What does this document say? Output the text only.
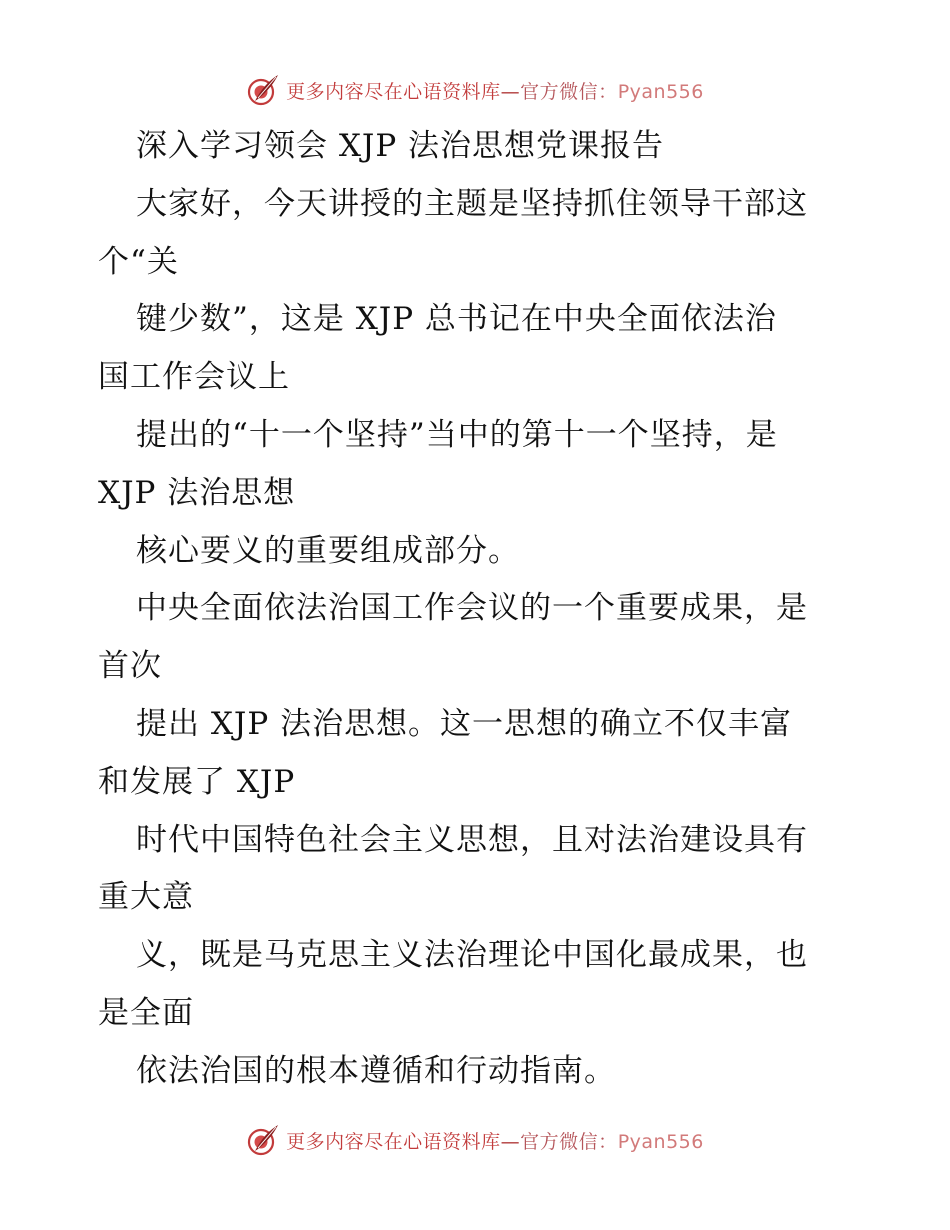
更多内容尽在心语资料库—官方微信：Pyan556
深入学习领会 XJP 法治思想党课报告
大家好，今天讲授的主题是坚持抓住领导干部这
个“关
键少数”，这是 XJP 总书记在中央全面依法治
国工作会议上
提出的“十一个坚持”当中的第十一个坚持，是
XJP 法治思想
核心要义的重要组成部分。
中央全面依法治国工作会议的一个重要成果，是
首次
提出 XJP 法治思想。这一思想的确立不仅丰富
和发展了 XJP
时代中国特色社会主义思想，且对法治建设具有
重大意
义，既是马克思主义法治理论中国化最成果，也
是全面
依法治国的根本遵循和行动指南。
更多内容尽在心语资料库—官方微信：Pyan556
